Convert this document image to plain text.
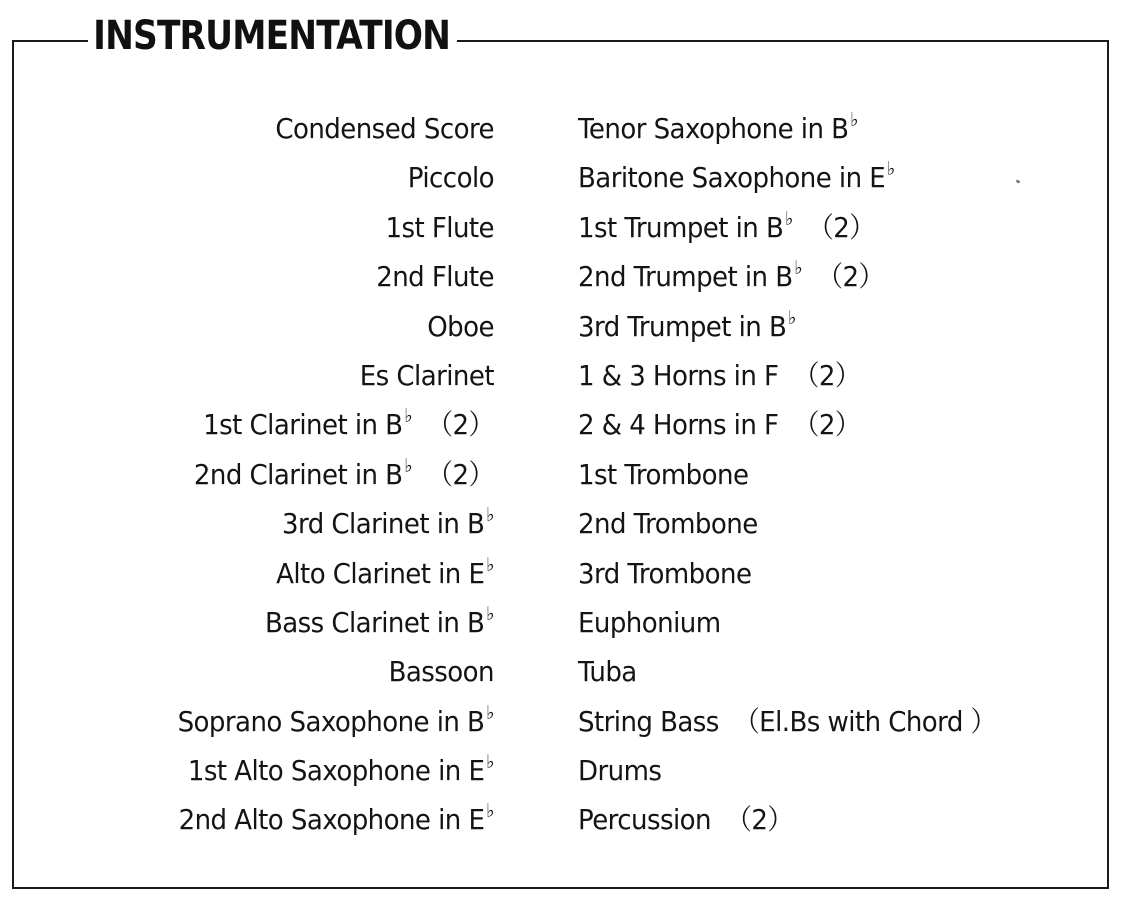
INSTRUMENTATION
Condensed Score
Piccolo
1st Flute
2nd Flute
Oboe
Es Clarinet
1st Clarinet in B♭ （2）
2nd Clarinet in B♭ （2）
3rd Clarinet in B♭
Alto Clarinet in E♭
Bass Clarinet in B♭
Bassoon
Soprano Saxophone in B♭
1st Alto Saxophone in E♭
2nd Alto Saxophone in E♭
Tenor Saxophone in B♭
Baritone Saxophone in E♭
1st Trumpet in B♭ （2）
2nd Trumpet in B♭ （2）
3rd Trumpet in B♭
1 & 3 Horns in F （2）
2 & 4 Horns in F （2）
1st Trombone
2nd Trombone
3rd Trombone
Euphonium
Tuba
String Bass （El.Bs with Chord ）
Drums
Percussion （2）
